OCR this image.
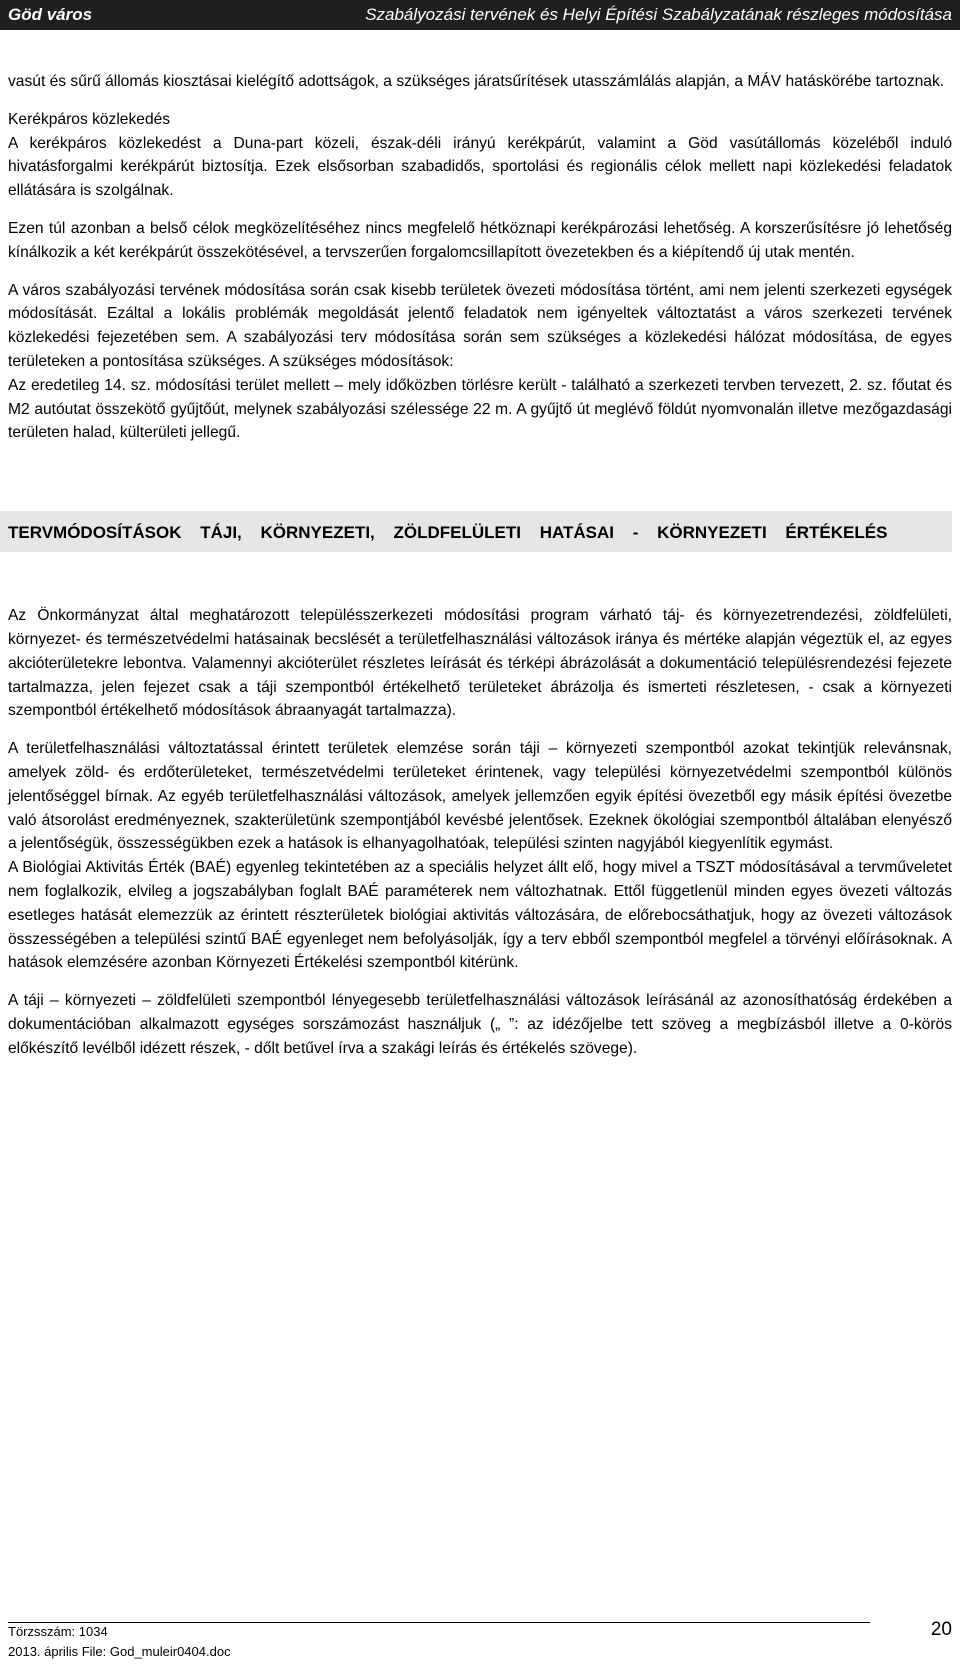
Göd város	Szabályozási tervének és Helyi Építési Szabályzatának részleges módosítása

vasút és sűrű állomás kiosztásai kielégítő adottságok, a szükséges járatsűrítések utasszámlálás alapján, a MÁV hatáskörébe tartoznak.

Kerékpáros közlekedés

A kerékpáros közlekedést a Duna-part közeli, észak-déli irányú kerékpárút, valamint a Göd vasútállomás közeléből induló hivatásforgalmi kerékpárút biztosítja. Ezek elsősorban szabadidős, sportolási és regionális célok mellett napi közlekedési feladatok ellátására is szolgálnak.

Ezen túl azonban a belső célok megközelítéséhez nincs megfelelő hétköznapi kerékpározási lehetőség. A korszerűsítésre jó lehetőség kínálkozik a két kerékpárút összekötésével, a tervszerűen forgalomcsillapított övezetekben és a kiépítendő új utak mentén.

A város szabályozási tervének módosítása során csak kisebb területek övezeti módosítása történt, ami nem jelenti szerkezeti egységek módosítását. Ezáltal a lokális problémák megoldását jelentő feladatok nem igényeltek változtatást a város szerkezeti tervének közlekedési fejezetében sem. A szabályozási terv módosítása során sem szükséges a közlekedési hálózat módosítása, de egyes területeken a pontosítása szükséges. A szükséges módosítások:

Az eredetileg 14. sz. módosítási terület mellett – mely időközben törlésre került - található a szerkezeti tervben tervezett, 2. sz. főutat és M2 autóutat összekötő gyűjtőút, melynek szabályozási szélessége 22 m. A gyűjtő út meglévő földút nyomvonalán illetve mezőgazdasági területen halad, külterületi jellegű.

TERVMÓDOSÍTÁSOK TÁJI, KÖRNYEZETI, ZÖLDFELÜLETI HATÁSAI - KÖRNYEZETI ÉRTÉKELÉS

Az Önkormányzat által meghatározott településszerkezeti módosítási program várható táj- és környezetrendezési, zöldfelületi, környezet- és természetvédelmi hatásainak becslését a területfelhasználási változások iránya és mértéke alapján végeztük el, az egyes akcióterületekre lebontva. Valamennyi akcióterület részletes leírását és térképi ábrázolását a dokumentáció településrendezési fejezete tartalmazza, jelen fejezet csak a táji szempontból értékelhető területeket ábrázolja és ismerteti részletesen, - csak a környezeti szempontból értékelhető módosítások ábraanyagát tartalmazza).

A területfelhasználási változtatással érintett területek elemzése során táji – környezeti szempontból azokat tekintjük relevánsnak, amelyek zöld- és erdőterületeket, természetvédelmi területeket érintenek, vagy települési környezetvédelmi szempontból különös jelentőséggel bírnak. Az egyéb területfelhasználási változások, amelyek jellemzően egyik építési övezetből egy másik építési övezetbe való átsorolást eredményeznek, szakterületünk szempontjából kevésbé jelentősek. Ezeknek ökológiai szempontból általában elenyésző a jelentőségük, összességükben ezek a hatások is elhanyagolhatóak, települési szinten nagyjából kiegyenlítik egymást.

A Biológiai Aktivitás Érték (BAÉ) egyenleg tekintetében az a speciális helyzet állt elő, hogy mivel a TSZT módosításával a tervműveletet nem foglalkozik, elvileg a jogszabályban foglalt BAÉ paraméterek nem változhatnak. Ettől függetlenül minden egyes övezeti változás esetleges hatását elemezzük az érintett részterületek biológiai aktivitás változására, de előrebocsáthatjuk, hogy az övezeti változások összességében a települési szintű BAÉ egyenleget nem befolyásolják, így a terv ebből szempontból megfelel a törvényi előírásoknak. A hatások elemzésére azonban Környezeti Értékelési szempontból kitérünk.

A táji – környezeti – zöldfelületi szempontból lényegesebb területfelhasználási változások leírásánál az azonosíthatóság érdekében a dokumentációban alkalmazott egységes sorszámozást használjuk („ ”: az idézőjelbe tett szöveg a megbízásból illetve a 0-körös előkészítő levélből idézett részek, - dőlt betűvel írva a szakági leírás és értékelés szövege).

Törzsszám: 1034
2013. április File: God_muleir0404.doc
20
